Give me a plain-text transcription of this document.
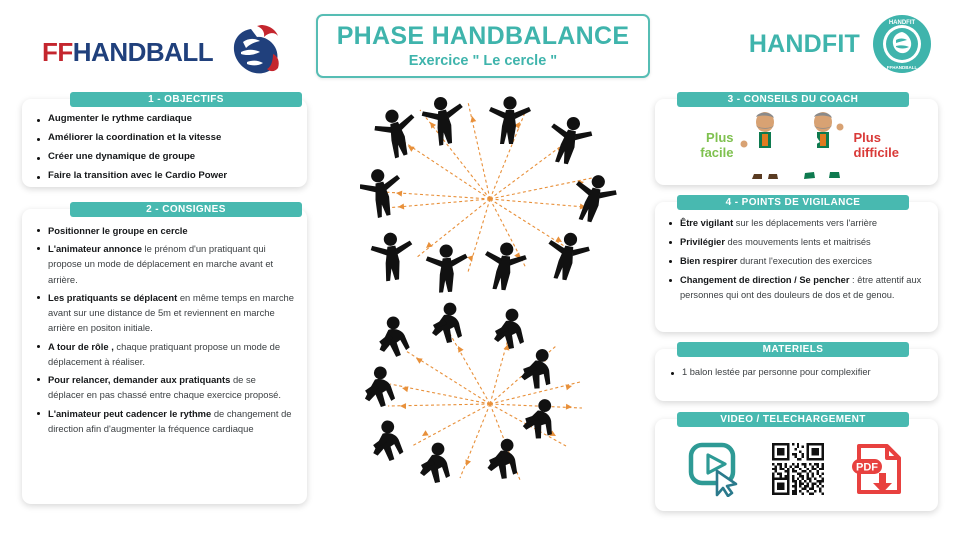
FFHANDBALL
PHASE HANDBALANCE
Exercice " Le cercle "
HANDFIT
HANDFIT
FFHANDBALL
1 - OBJECTIFS
Augmenter le rythme cardiaque
Améliorer la coordination et la vitesse
Créer une dynamique de groupe
Faire la transition avec le Cardio Power
2 - CONSIGNES
Positionner le groupe en cercle
L'animateur annonce le prénom d'un pratiquant qui propose un mode de déplacement en marche avant et arrière.
Les pratiquants se déplacent en même temps en marche avant sur une distance de 5m et reviennent en marche arrière en positon initiale.
A tour de rôle , chaque pratiquant propose un mode de déplacement à réaliser.
Pour relancer, demander aux pratiquants de se déplacer en pas chassé entre chaque exercice proposé.
L'animateur peut cadencer le rythme de changement de direction afin d'augmenter la fréquence cardiaque
3 - CONSEILS DU COACH
Plus facile
Plus difficile
4 - POINTS DE VIGILANCE
Être vigilant sur les déplacements vers l'arrière
Privilégier des mouvements lents et maitrisés
Bien respirer durant l'execution des exercices
Changement de direction / Se pencher : être attentif aux personnes qui ont des douleurs de dos et de genou.
MATERIELS
1 balon lestée par personne pour complexifier
VIDEO / TELECHARGEMENT
PDF
